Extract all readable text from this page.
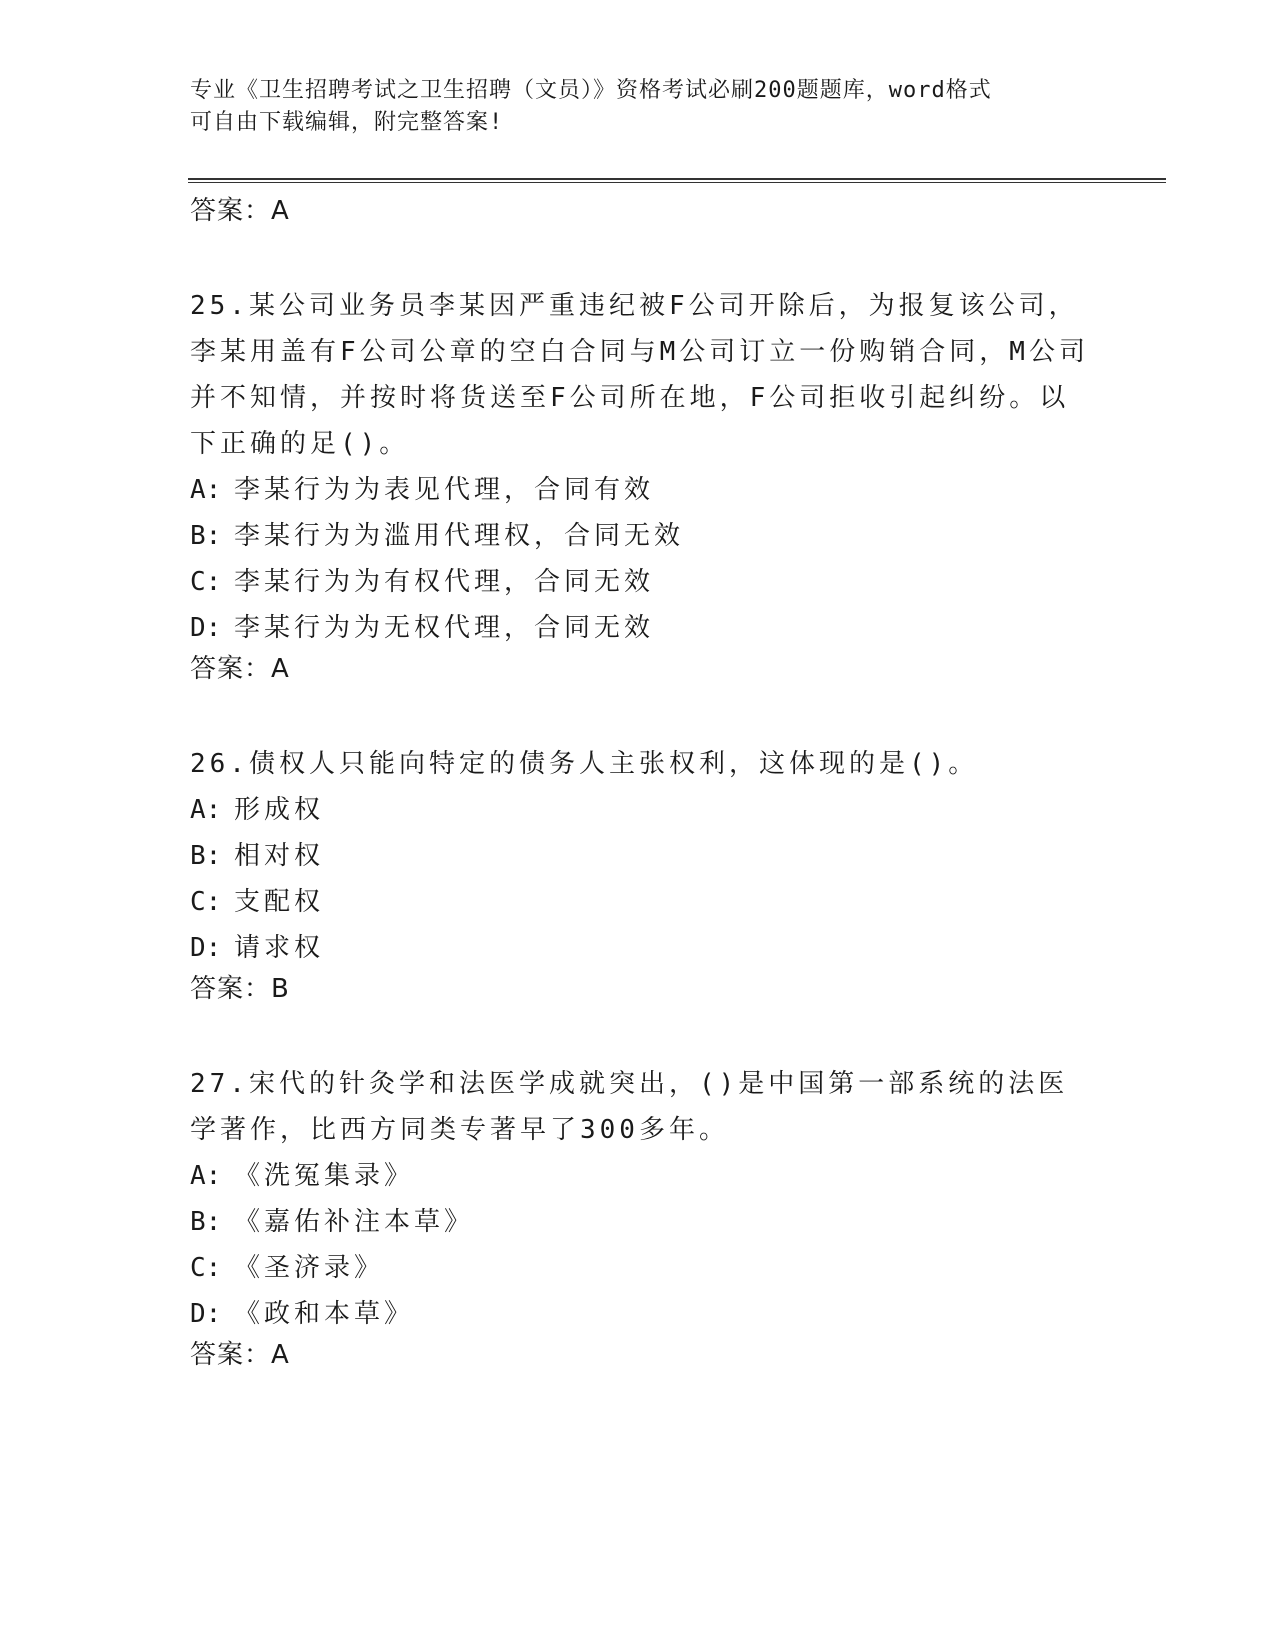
专业《卫生招聘考试之卫生招聘（文员）》资格考试必刷200题题库，word格式
可自由下载编辑，附完整答案!
答案：A
25.某公司业务员李某因严重违纪被F公司开除后，为报复该公司，李某用盖有F公司公章的空白合同与M公司订立一份购销合同，M公司并不知情，并按时将货送至F公司所在地，F公司拒收引起纠纷。以下正确的足()。
A: 李某行为为表见代理，合同有效
B: 李某行为为滥用代理权，合同无效
C: 李某行为为有权代理，合同无效
D: 李某行为为无权代理，合同无效
答案：A
26.债权人只能向特定的债务人主张权利，这体现的是()。
A: 形成权
B: 相对权
C: 支配权
D: 请求权
答案：B
27.宋代的针灸学和法医学成就突出，()是中国第一部系统的法医学著作，比西方同类专著早了300多年。
A: 《洗冤集录》
B: 《嘉佑补注本草》
C: 《圣济录》
D: 《政和本草》
答案：A
